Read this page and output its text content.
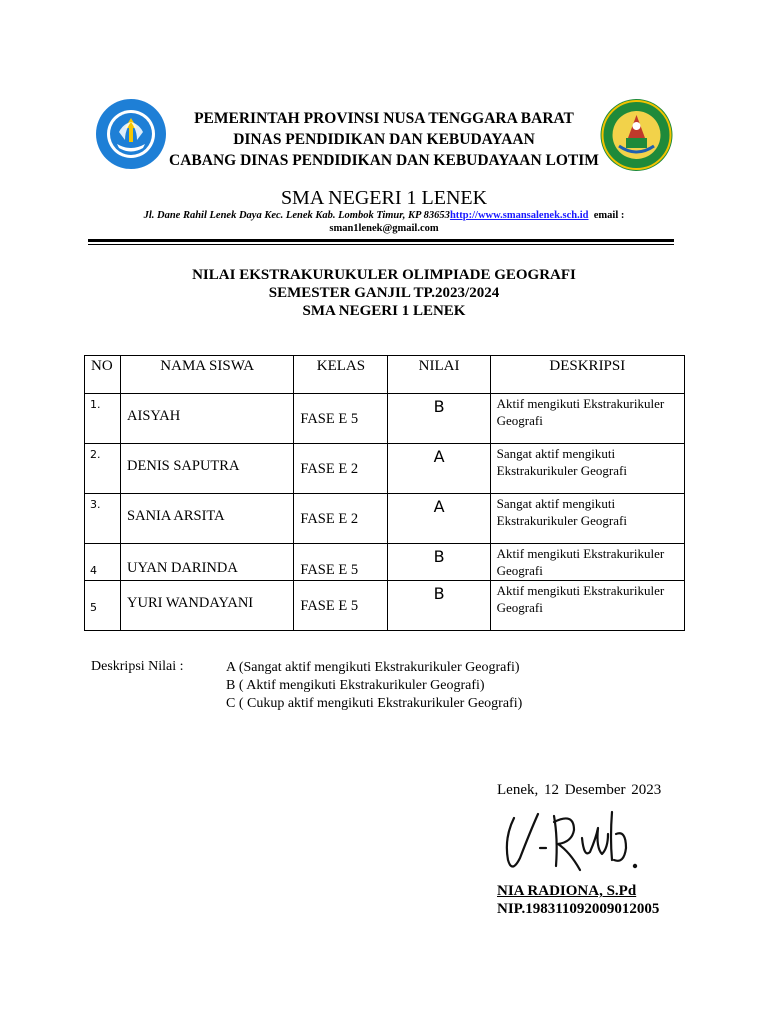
PEMERINTAH PROVINSI NUSA TENGGARA BARAT
DINAS PENDIDIKAN DAN KEBUDAYAAN
CABANG DINAS PENDIDIKAN DAN KEBUDAYAAN LOTIM
SMA NEGERI 1 LENEK
Jl. Dane Rahil Lenek Daya Kec. Lenek Kab. Lombok Timur, KP 83653http://www.smansalenek.sch.id email :
sman1lenek@gmail.com
NILAI EKSTRAKURUKULER OLIMPIADE GEOGRAFI
SEMESTER GANJIL TP.2023/2024
SMA NEGERI 1 LENEK
NO	NAMA SISWA	KELAS	NILAI	DESKRIPSI

1.	AISYAH	FASE E 5	B	Aktif mengikuti Ekstrakurikuler Geografi

2.	DENIS SAPUTRA	FASE E 2	A	Sangat aktif mengikuti Ekstrakurikuler Geografi

3.	SANIA ARSITA	FASE E 2	A	Sangat aktif mengikuti Ekstrakurikuler Geografi

4	UYAN DARINDA	FASE E 5	B	Aktif mengikuti Ekstrakurikuler Geografi

5	YURI WANDAYANI	FASE E 5	B	Aktif mengikuti Ekstrakurikuler Geografi
Deskripsi Nilai :	A (Sangat aktif mengikuti Ekstrakurikuler Geografi)
B ( Aktif mengikuti Ekstrakurikuler Geografi)
C ( Cukup aktif mengikuti Ekstrakurikuler Geografi)
Lenek, 12 Desember 2023
NIA RADIONA, S.Pd
NIP.198311092009012005
